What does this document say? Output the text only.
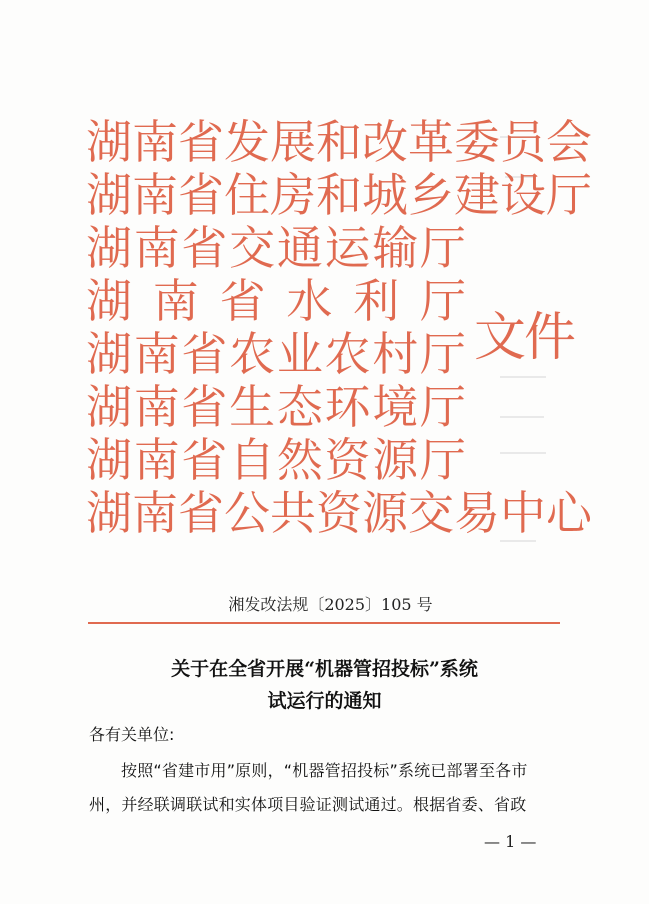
湖 南 省 发 展 和 改 革 委 员 会
湖 南 省 住 房 和 城 乡 建 设 厅
湖 南 省 交 通 运 输 厅
湖 南 省 水 利 厅
湖 南 省 农 业 农 村 厅
湖 南 省 生 态 环 境 厅
湖 南 省 自 然 资 源 厅
湖 南 省 公 共 资 源 交 易 中 心
文件
湘发改法规〔2025〕105 号
关于在全省开展“机器管招投标”系统
试运行的通知
各有关单位:
按照“省建市用”原则，“机器管招投标”系统已部署至各市
州，并经联调联试和实体项目验证测试通过。根据省委、省政
— 1 —
